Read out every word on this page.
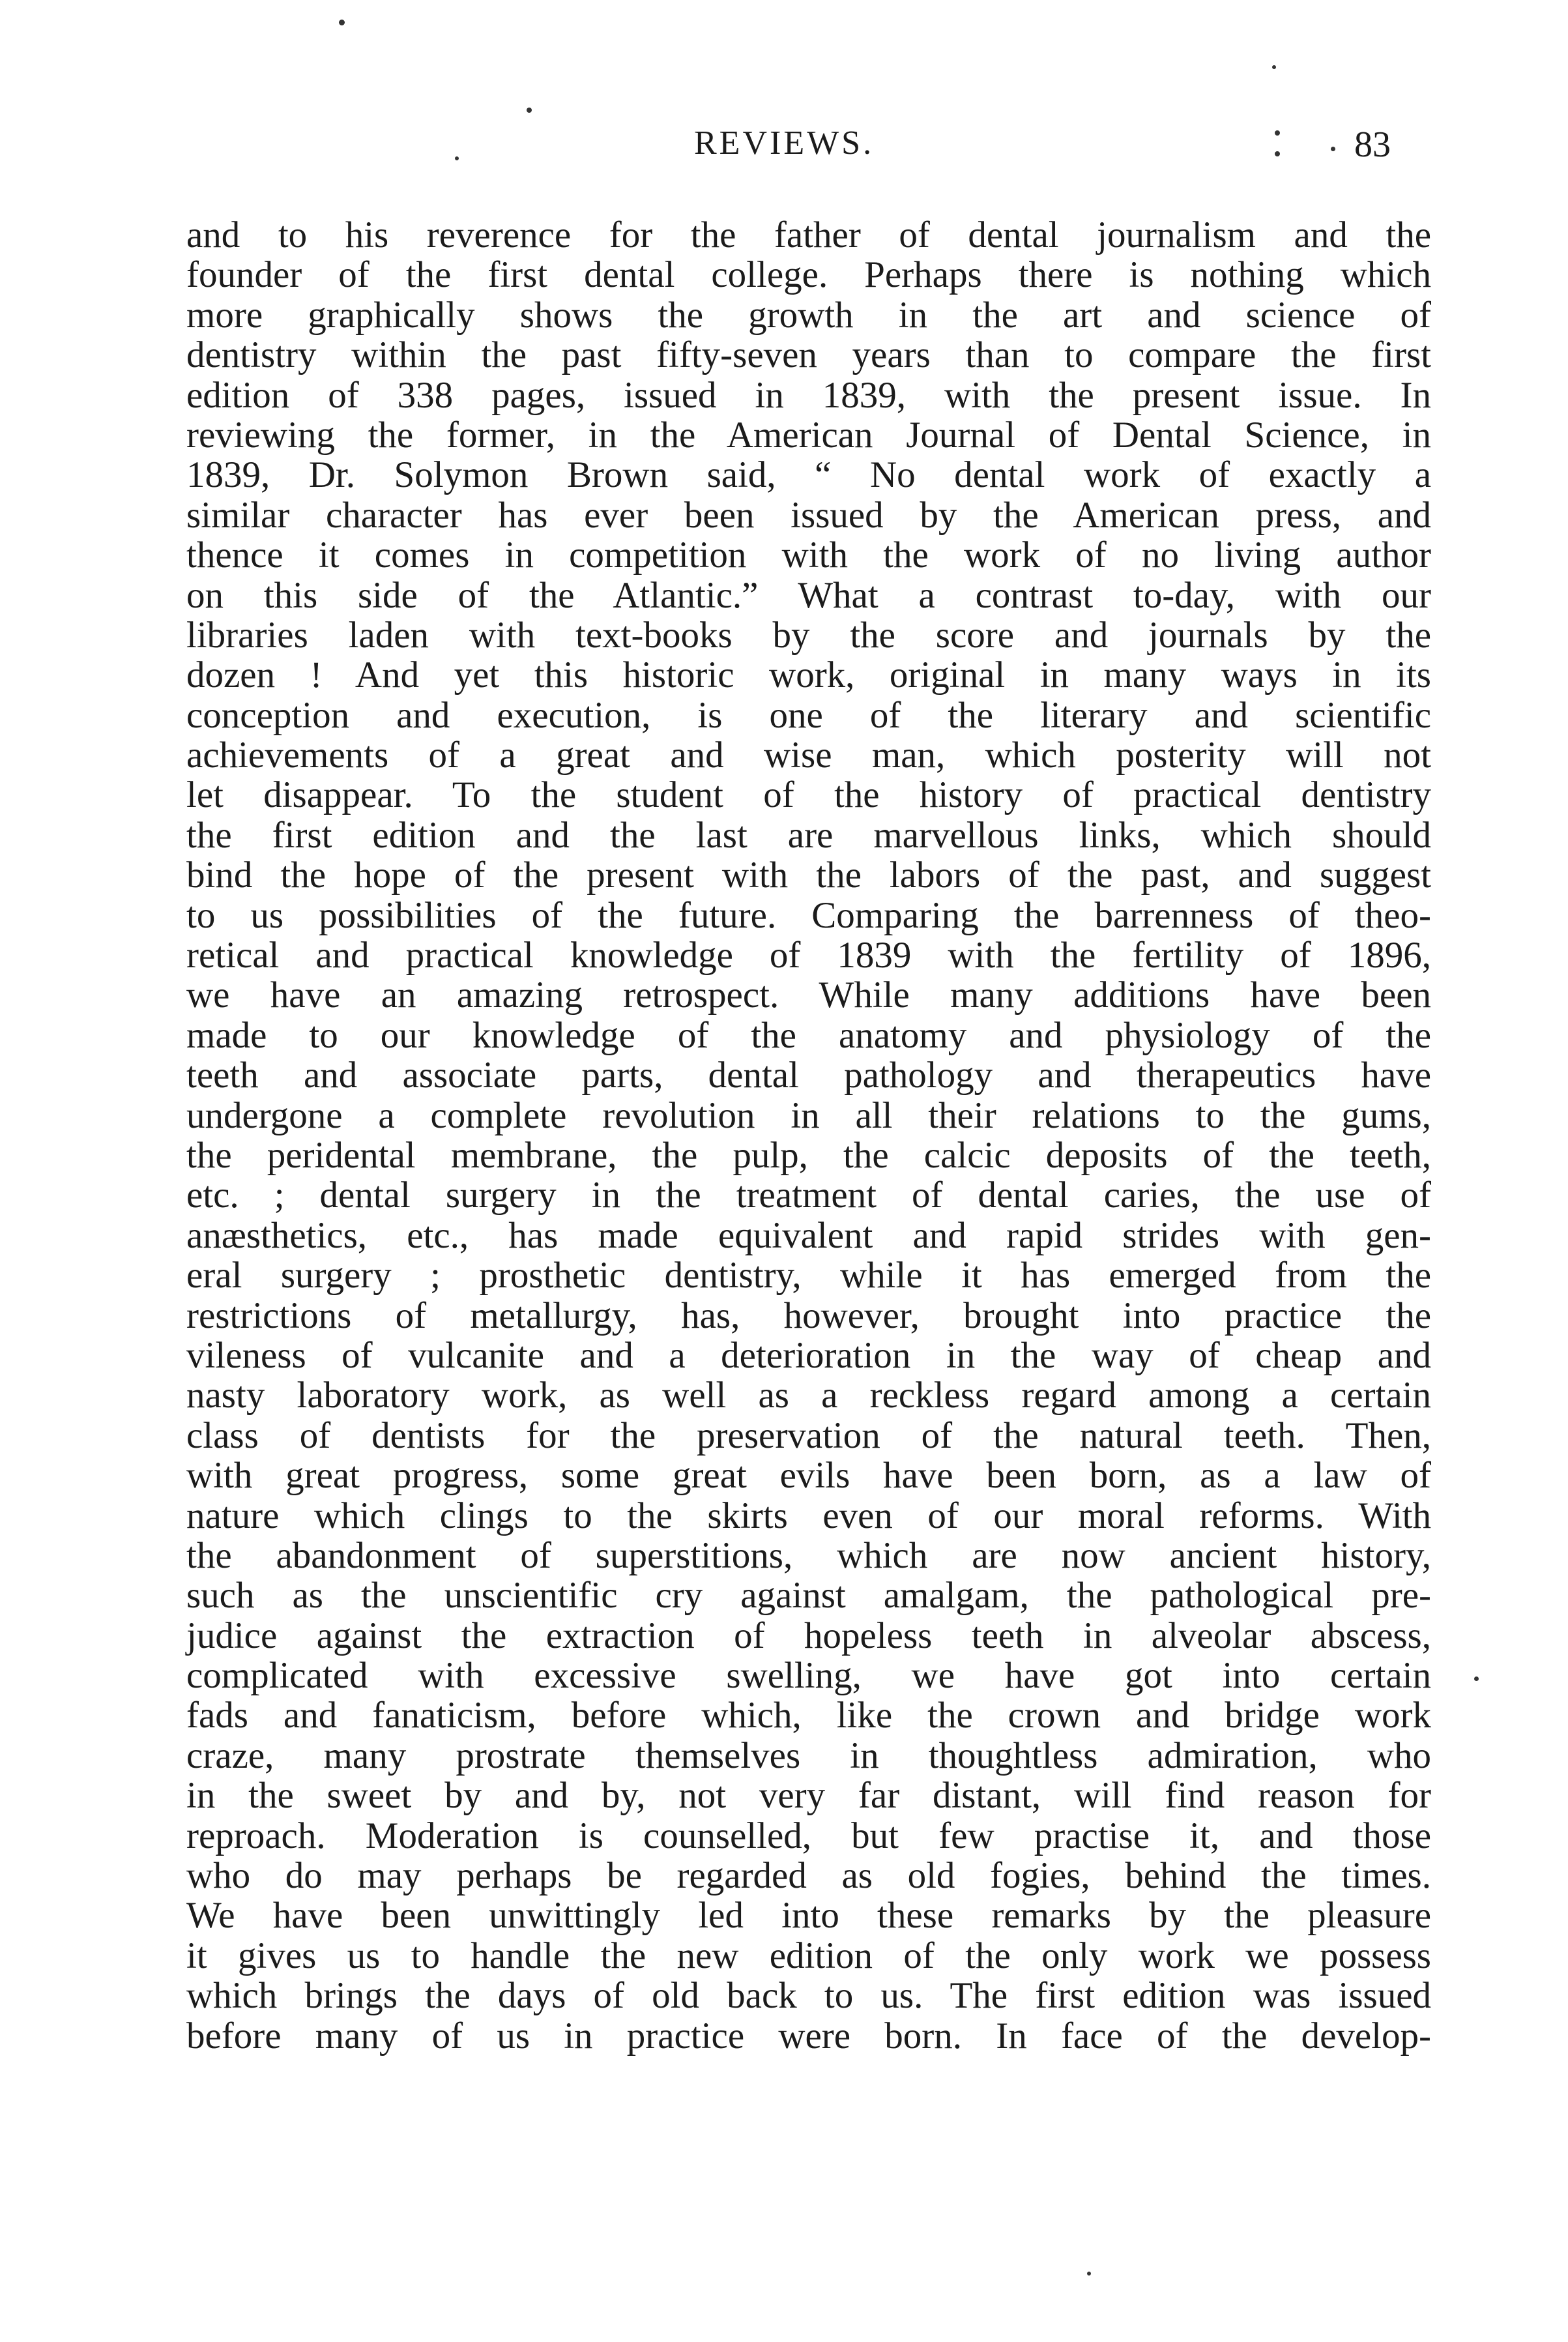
REVIEWS.	83
and to his reverence for the father of dental journalism and the
founder of the first dental college. Perhaps there is nothing which
more graphically shows the growth in the art and science of
dentistry within the past fifty-seven years than to compare the first
edition of 338 pages, issued in 1839, with the present issue. In
reviewing the former, in the American Journal of Dental Science, in
1839, Dr. Solymon Brown said, “ No dental work of exactly a
similar character has ever been issued by the American press, and
thence it comes in competition with the work of no living author
on this side of the Atlantic.” What a contrast to-day, with our
libraries laden with text-books by the score and journals by the
dozen ! And yet this historic work, original in many ways in its
conception and execution, is one of the literary and scientific
achievements of a great and wise man, which posterity will not
let disappear. To the student of the history of practical dentistry
the first edition and the last are marvellous links, which should
bind the hope of the present with the labors of the past, and suggest
to us possibilities of the future. Comparing the barrenness of theo-
retical and practical knowledge of 1839 with the fertility of 1896,
we have an amazing retrospect. While many additions have been
made to our knowledge of the anatomy and physiology of the
teeth and associate parts, dental pathology and therapeutics have
undergone a complete revolution in all their relations to the gums,
the peridental membrane, the pulp, the calcic deposits of the teeth,
etc. ; dental surgery in the treatment of dental caries, the use of
anæsthetics, etc., has made equivalent and rapid strides with gen-
eral surgery ; prosthetic dentistry, while it has emerged from the
restrictions of metallurgy, has, however, brought into practice the
vileness of vulcanite and a deterioration in the way of cheap and
nasty laboratory work, as well as a reckless regard among a certain
class of dentists for the preservation of the natural teeth. Then,
with great progress, some great evils have been born, as a law of
nature which clings to the skirts even of our moral reforms. With
the abandonment of superstitions, which are now ancient history,
such as the unscientific cry against amalgam, the pathological pre-
judice against the extraction of hopeless teeth in alveolar abscess,
complicated with excessive swelling, we have got into certain
fads and fanaticism, before which, like the crown and bridge work
craze, many prostrate themselves in thoughtless admiration, who
in the sweet by and by, not very far distant, will find reason for
reproach. Moderation is counselled, but few practise it, and those
who do may perhaps be regarded as old fogies, behind the times.
We have been unwittingly led into these remarks by the pleasure
it gives us to handle the new edition of the only work we possess
which brings the days of old back to us. The first edition was issued
before many of us in practice were born. In face of the develop-
